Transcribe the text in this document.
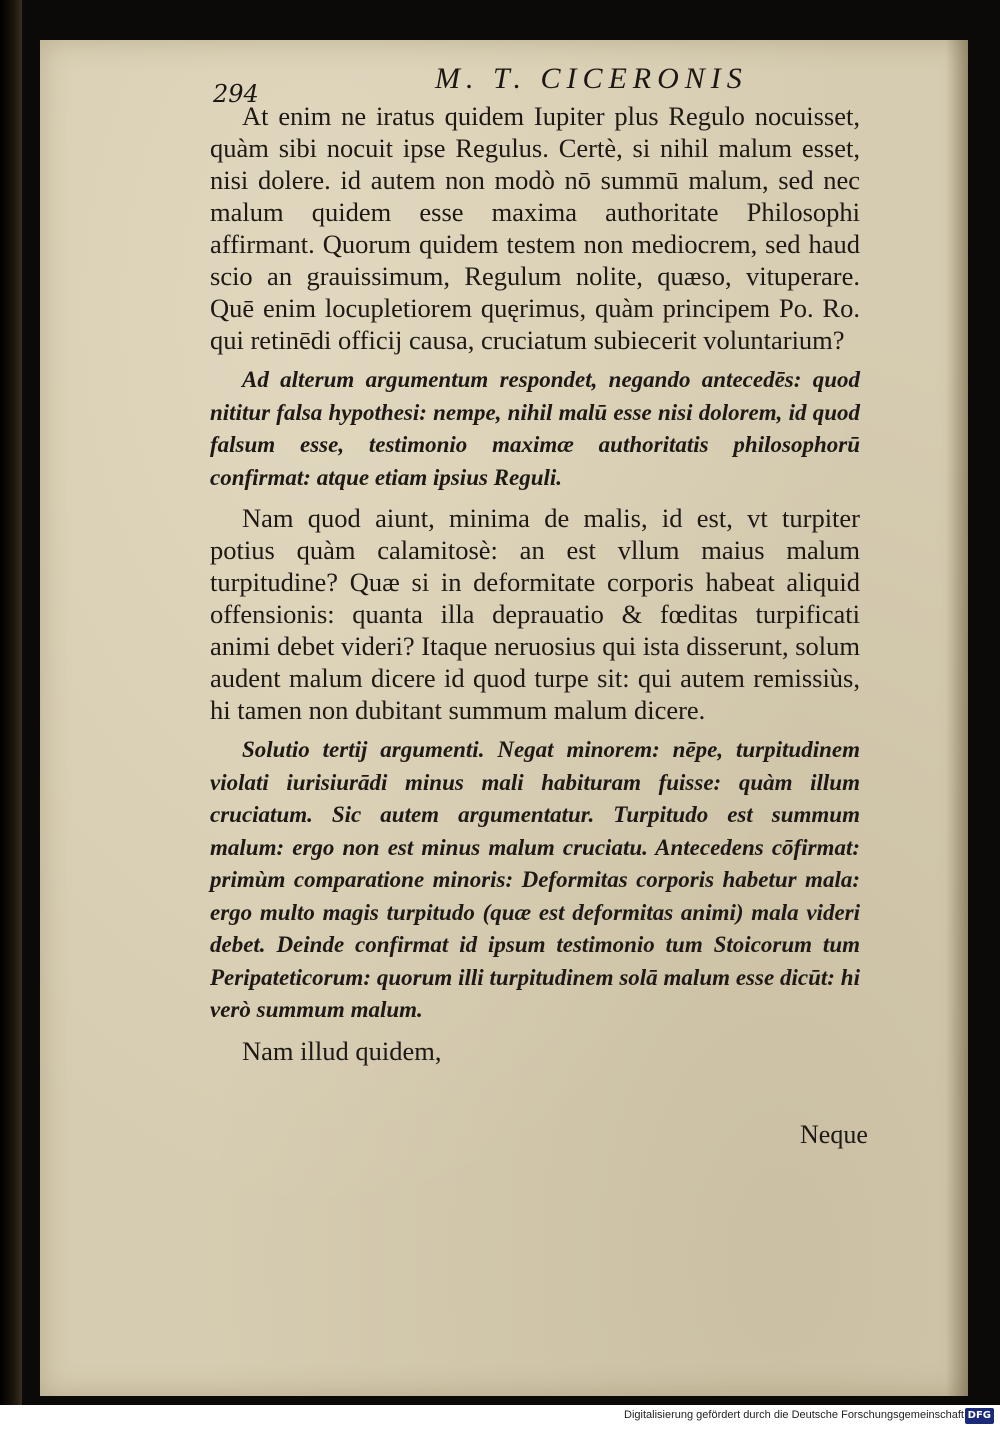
294	M. T. CICERONIS

At enim ne iratus quidem Iupiter plus Regulo nocuisset, quàm sibi nocuit ipse Regulus. Certè, si nihil malum esset, nisi dolere. id autem non modò nō summū malum, sed nec malum quidem esse maxima authoritate Philosophi affirmant. Quorum quidem testem non mediocrem, sed haud scio an grauissimum, Regulum nolite, quæso, vituperare. Quē enim locupletiorem quęrimus, quàm principem Po. Ro. qui retinēdi officij causa, cruciatum subiecerit voluntarium?

Ad alterum argumentum respondet, negando antecedēs: quod nititur falsa hypothesi: nempe, nihil malū esse nisi dolorem, id quod falsum esse, testimonio maximæ authoritatis philosophorū confirmat: atque etiam ipsius Reguli.

Nam quod aiunt, minima de malis, id est, vt turpiter potius quàm calamitosè: an est vllum maius malum turpitudine? Quæ si in deformitate corporis habeat aliquid offensionis: quanta illa deprauatio & fœditas turpificati animi debet videri? Itaque neruosius qui ista disserunt, solum audent malum dicere id quod turpe sit: qui autem remissiùs, hi tamen non dubitant summum malum dicere.

Solutio tertij argumenti. Negat minorem: nēpe, turpitudinem violati iurisiurādi minus mali habituram fuisse: quàm illum cruciatum. Sic autem argumentatur. Turpitudo est summum malum: ergo non est minus malum cruciatu. Antecedens cōfirmat: primùm comparatione minoris: Deformitas corporis habetur mala: ergo multo magis turpitudo (quæ est deformitas animi) mala videri debet. Deinde confirmat id ipsum testimonio tum Stoicorum tum Peripateticorum: quorum illi turpitudinem solā malum esse dicūt: hi verò summum malum.

Nam illud quidem,

Neque
Digitalisierung gefördert durch die Deutsche Forschungsgemeinschaft DFG
